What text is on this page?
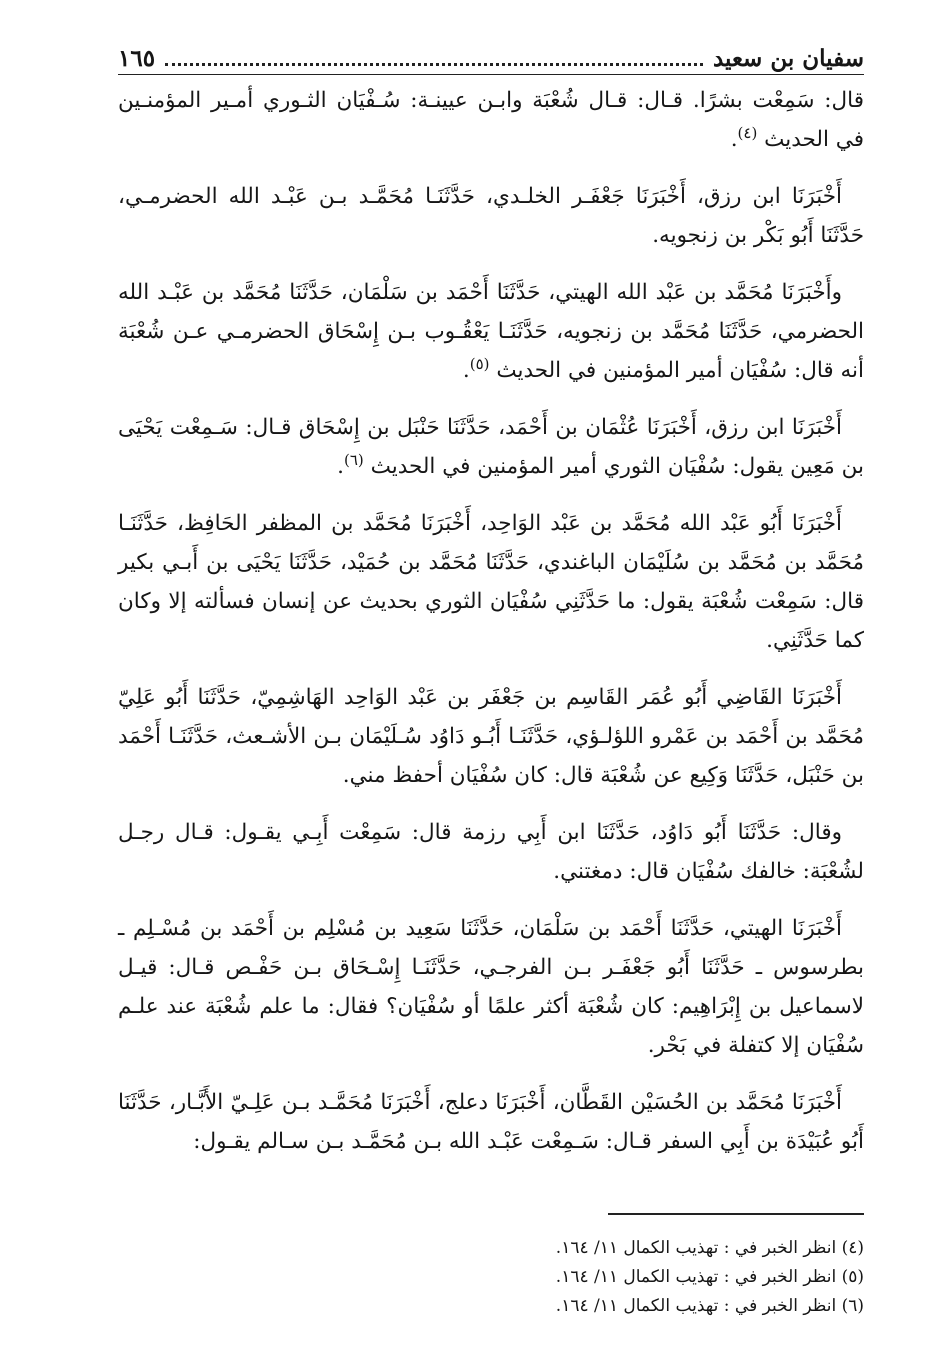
سفيان بن سعيد
١٦٥

قال: سَمِعْت بشرًا. قـال: قـال شُعْبَة وابـن عيينـة: سُـفْيَان الثـوري أمـير المؤمنـين في الحديث $^{(٤)}$.

أَخْبَرَنَا ابن رزق، أَخْبَرَنَا جَعْفَـر الخلـدي، حَدَّثَنَـا مُحَمَّـد بـن عَبْـد الله الحضرمـي، حَدَّثَنَا أَبُو بَكْر بن زنجويه.

وأَخْبَرَنَا مُحَمَّد بن عَبْد الله الهيتي، حَدَّثَنَا أَحْمَد بن سَلْمَان، حَدَّثَنَا مُحَمَّد بن عَبْـد الله الحضرمي، حَدَّثَنَا مُحَمَّد بن زنجويه، حَدَّثَنَـا يَعْقُـوب بـن إِسْحَاق الحضرمـي عـن شُعْبَة أنه قال: سُفْيَان أمير المؤمنين في الحديث $^{(٥)}$.

أَخْبَرَنَا ابن رزق، أَخْبَرَنَا عُثْمَان بن أَحْمَد، حَدَّثَنَا حَنْبَل بن إِسْحَاق قـال: سَـمِعْت يَحْيَى بن مَعِين يقول: سُفْيَان الثوري أمير المؤمنين في الحديث $^{(٦)}$.

أَخْبَرَنَا أَبُو عَبْد الله مُحَمَّد بن عَبْد الوَاحِد، أَخْبَرَنَا مُحَمَّد بن المظفر الحَافِظ، حَدَّثَنَـا مُحَمَّد بن مُحَمَّد بن سُلَيْمَان الباغندي، حَدَّثَنَا مُحَمَّد بن حُمَيْد، حَدَّثَنَا يَحْيَى بن أَبـي بكير قال: سَمِعْت شُعْبَة يقول: ما حَدَّثَنِي سُفْيَان الثوري بحديث عن إنسان فسألته إلا وكان كما حَدَّثَنِي.

أَخْبَرَنَا القَاضِي أَبُو عُمَر القَاسِم بن جَعْفَر بن عَبْد الوَاحِد الهَاشِمِيّ، حَدَّثَنَا أَبُو عَلِيّ مُحَمَّد بن أَحْمَد بن عَمْرو اللؤلـؤي، حَدَّثَنَـا أَبُـو دَاوُد سُـلَيْمَان بـن الأشـعث، حَدَّثَنَـا أَحْمَد بن حَنْبَل، حَدَّثَنَا وَكِيع عن شُعْبَة قال: كان سُفْيَان أحفظ مني.

وقال: حَدَّثَنَا أَبُو دَاوُد، حَدَّثَنَا ابن أَبِي رزمة قال: سَمِعْت أَبِـي يقـول: قـال رجـل لشُعْبَة: خالفك سُفْيَان قال: دمغتني.

أَخْبَرَنَا الهيتي، حَدَّثَنَا أَحْمَد بن سَلْمَان، حَدَّثَنَا سَعِيد بن مُسْلِم بن أَحْمَد بن مُسْـلِم ـ بطرسوس ـ حَدَّثَنَا أَبُو جَعْفَـر بـن الفرجـي، حَدَّثَنَـا إِسْـحَاق بـن حَفْـص قـال: قيـل لاسماعيل بن إِبْرَاهِيم: كان شُعْبَة أكثر علمًا أو سُفْيَان؟ فقال: ما علم شُعْبَة عند علـم سُفْيَان إلا كتفلة في بَحْر.

أَخْبَرَنَا مُحَمَّد بن الحُسَيْن القَطَّان، أَخْبَرَنَا دعلج، أَخْبَرَنَا مُحَمَّـد بـن عَلِـيّ الأَبَّـار، حَدَّثَنَا أَبُو عُبَيْدَة بن أَبِي السفر قـال: سَـمِعْت عَبْـد الله بـن مُحَمَّـد بـن سـالم يقـول:

(٤) انظر الخبر في : تهذيب الكمال ١١/ ١٦٤.

(٥) انظر الخبر في : تهذيب الكمال ١١/ ١٦٤.

(٦) انظر الخبر في : تهذيب الكمال ١١/ ١٦٤.
